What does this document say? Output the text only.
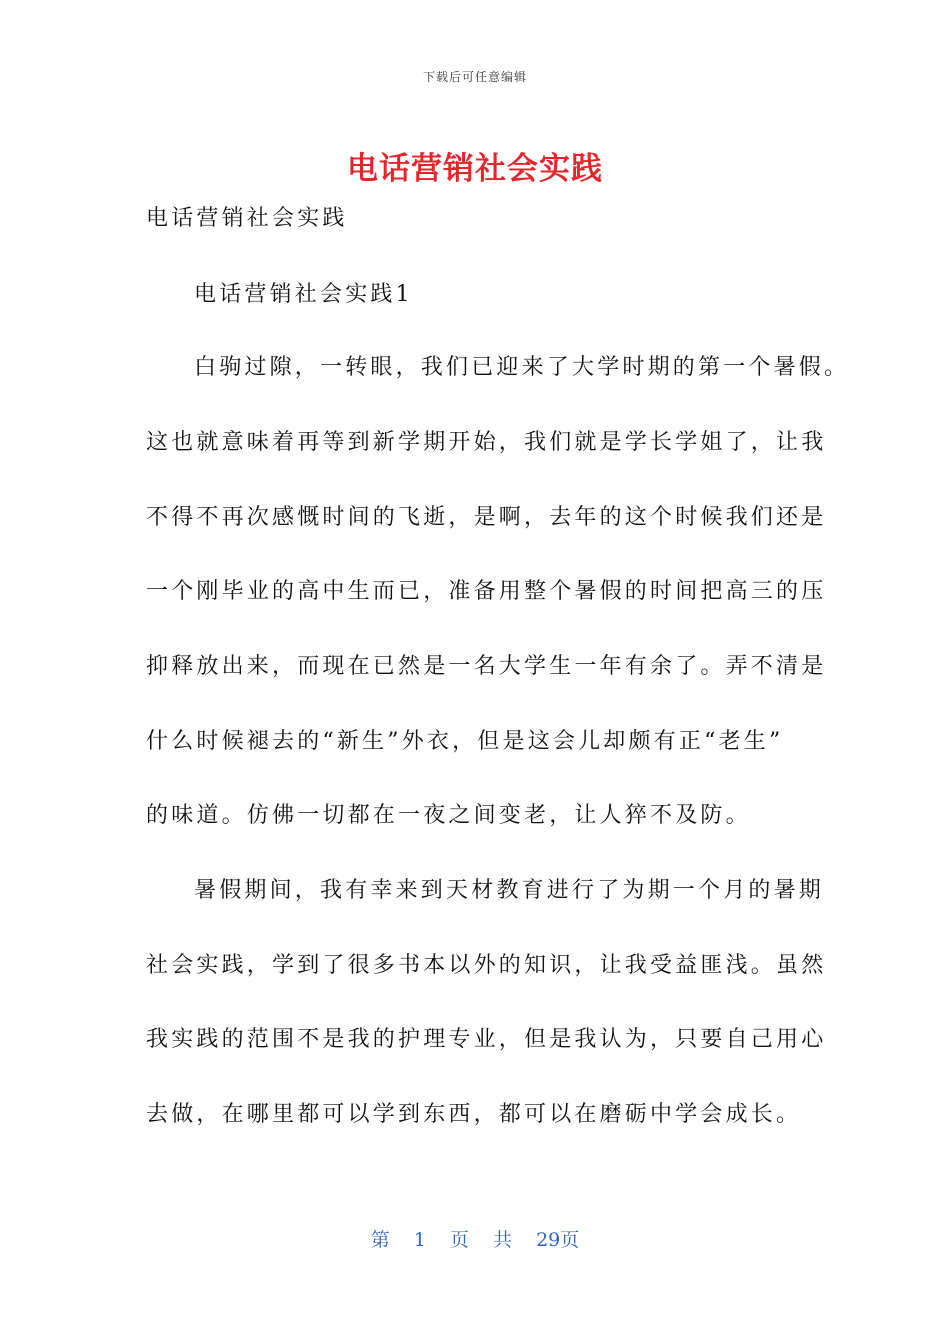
下载后可任意编辑
电话营销社会实践
电话营销社会实践
电话营销社会实践1
白驹过隙，一转眼，我们已迎来了大学时期的第一个暑假。
这也就意味着再等到新学期开始，我们就是学长学姐了，让我
不得不再次感慨时间的飞逝，是啊，去年的这个时候我们还是
一个刚毕业的高中生而已，准备用整个暑假的时间把高三的压
抑释放出来，而现在已然是一名大学生一年有余了。弄不清是
什么时候褪去的“新生”外衣，但是这会儿却颇有正“老生”
的味道。仿佛一切都在一夜之间变老，让人猝不及防。
暑假期间，我有幸来到天材教育进行了为期一个月的暑期
社会实践，学到了很多书本以外的知识，让我受益匪浅。虽然
我实践的范围不是我的护理专业，但是我认为，只要自己用心
去做，在哪里都可以学到东西，都可以在磨砺中学会成长。
第 1 页 共 29页
